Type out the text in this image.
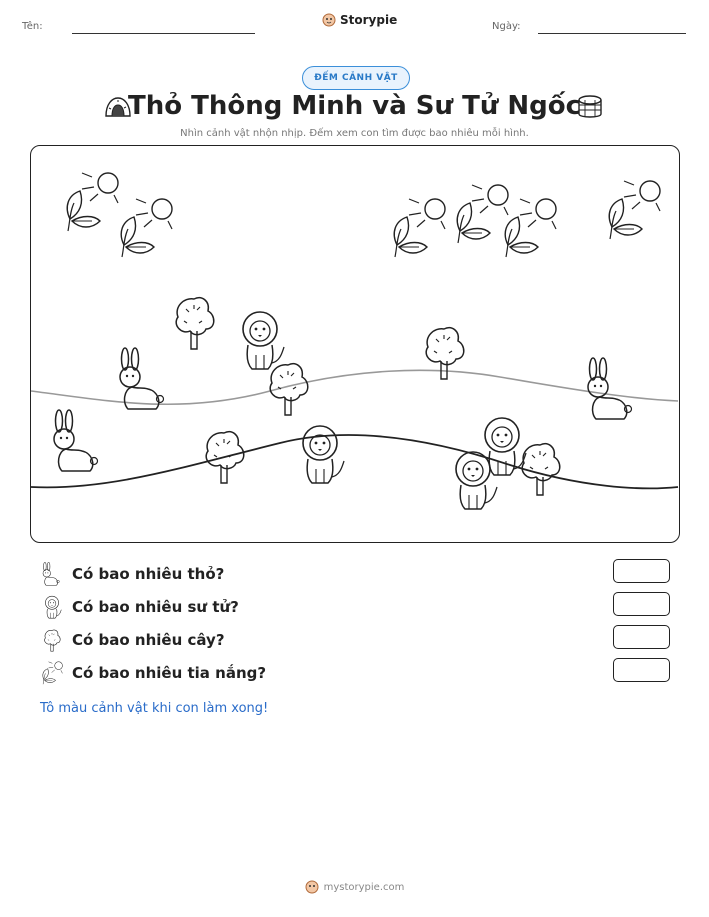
Tên:	Storypie	Ngày:
ĐẾM CẢNH VẬT
Thỏ Thông Minh và Sư Tử Ngốc
Nhìn cảnh vật nhộn nhịp. Đếm xem con tìm được bao nhiêu mỗi hình.
Có bao nhiêu thỏ?
Có bao nhiêu sư tử?
Có bao nhiêu cây?
Có bao nhiêu tia nắng?
Tô màu cảnh vật khi con làm xong!
mystorypie.com
